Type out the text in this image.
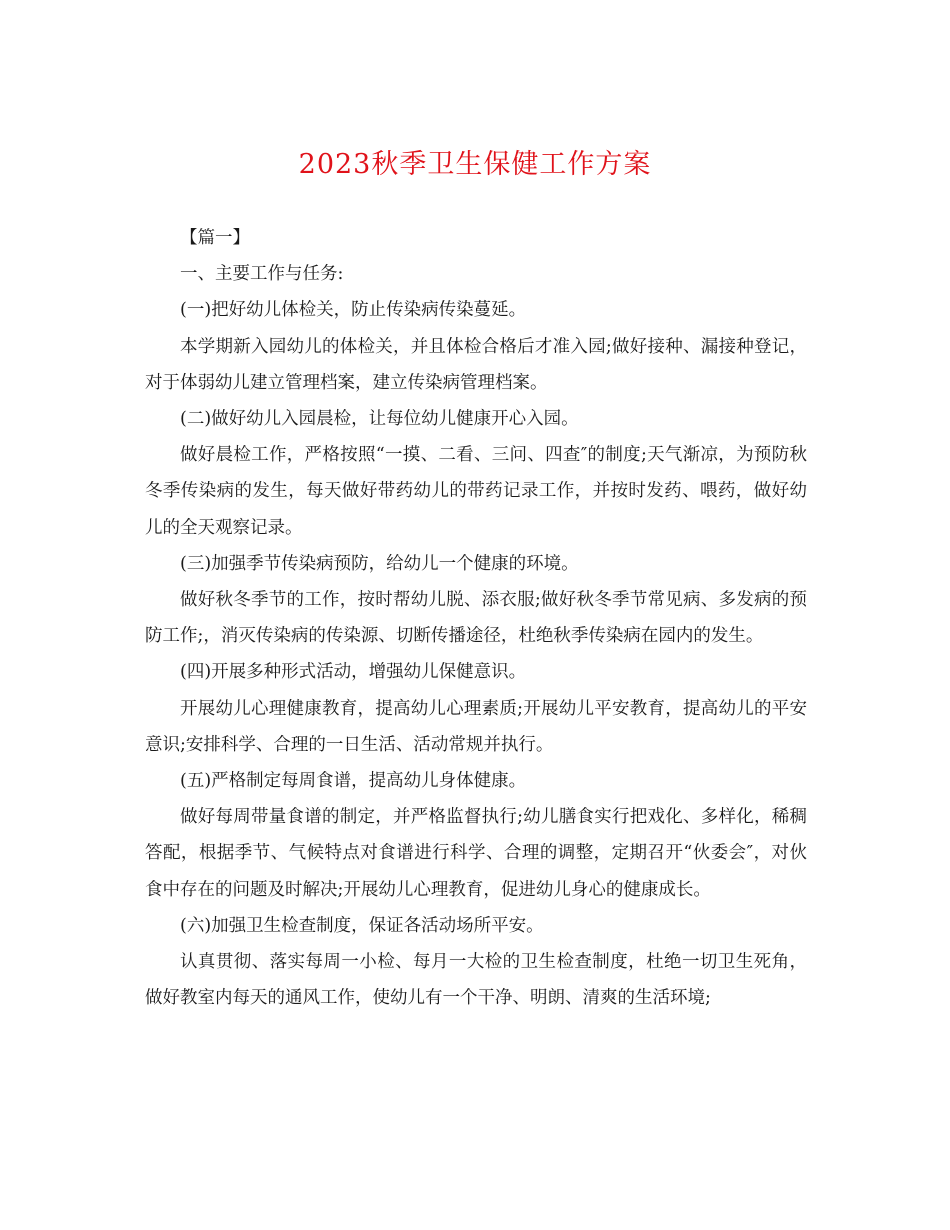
2023秋季卫生保健工作方案

【篇一】

一、主要工作与任务:

(一)把好幼儿体检关，防止传染病传染蔓延。

本学期新入园幼儿的体检关，并且体检合格后才准入园;做好接种、漏接种登记，对于体弱幼儿建立管理档案，建立传染病管理档案。

(二)做好幼儿入园晨检，让每位幼儿健康开心入园。

做好晨检工作，严格按照“一摸、二看、三问、四查″的制度;天气渐凉，为预防秋冬季传染病的发生，每天做好带药幼儿的带药记录工作，并按时发药、喂药，做好幼儿的全天观察记录。

(三)加强季节传染病预防，给幼儿一个健康的环境。

做好秋冬季节的工作，按时帮幼儿脱、添衣服;做好秋冬季节常见病、多发病的预防工作;，消灭传染病的传染源、切断传播途径，杜绝秋季传染病在园内的发生。

(四)开展多种形式活动，增强幼儿保健意识。

开展幼儿心理健康教育，提高幼儿心理素质;开展幼儿平安教育，提高幼儿的平安意识;安排科学、合理的一日生活、活动常规并执行。

(五)严格制定每周食谱，提高幼儿身体健康。

做好每周带量食谱的制定，并严格监督执行;幼儿膳食实行把戏化、多样化，稀稠答配，根据季节、气候特点对食谱进行科学、合理的调整，定期召开“伙委会″，对伙食中存在的问题及时解决;开展幼儿心理教育，促进幼儿身心的健康成长。

(六)加强卫生检查制度，保证各活动场所平安。

认真贯彻、落实每周一小检、每月一大检的卫生检查制度，杜绝一切卫生死角，做好教室内每天的通风工作，使幼儿有一个干净、明朗、清爽的生活环境;
